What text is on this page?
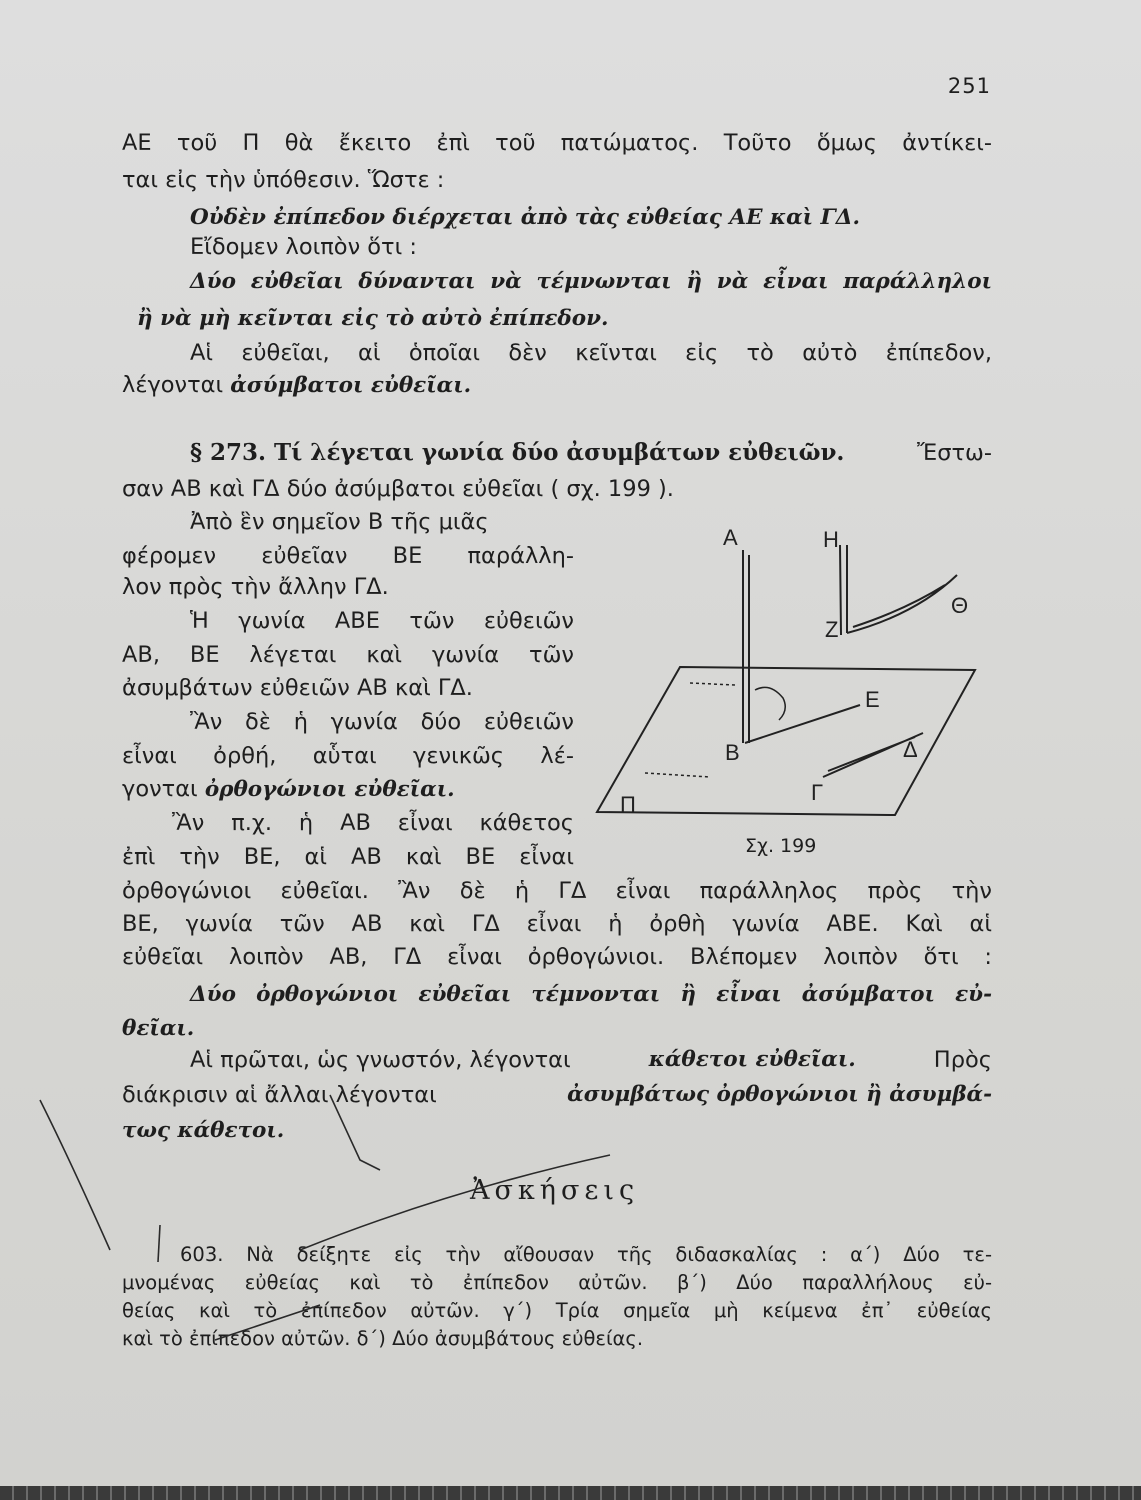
251
ΑΕ τοῦ Π θὰ ἔκειτο ἐπὶ τοῦ πατώματος. Τοῦτο ὅμως ἀντίκει-
ται εἰς τὴν ὑπόθεσιν. Ὥστε :
Οὐδὲν ἐπίπεδον διέρχεται ἀπὸ τὰς εὐθείας ΑΕ καὶ ΓΔ.
Εἴδομεν λοιπὸν ὅτι :
Δύο εὐθεῖαι δύνανται νὰ τέμνωνται ἢ νὰ εἶναι παράλληλοι
ἢ νὰ μὴ κεῖνται εἰς τὸ αὐτὸ ἐπίπεδον.
Αἱ εὐθεῖαι, αἱ ὁποῖαι δὲν κεῖνται εἰς τὸ αὐτὸ ἐπίπεδον,
λέγονται ἀσύμβατοι εὐθεῖαι.
§ 273. Τί λέγεται γωνία δύο ἀσυμβάτων εὐθειῶν.	Ἔστω-
σαν ΑΒ καὶ ΓΔ δύο ἀσύμβατοι εὐθεῖαι ( σχ. 199 ).
Ἀπὸ ἓν σημεῖον Β τῆς μιᾶς
φέρομεν εὐθεῖαν ΒΕ παράλλη-
λον πρὸς τὴν ἄλλην ΓΔ.
Ἡ γωνία ΑΒΕ τῶν εὐθειῶν
ΑΒ, ΒΕ λέγεται καὶ γωνία τῶν
ἀσυμβάτων εὐθειῶν ΑΒ καὶ ΓΔ.
Ἂν δὲ ἡ γωνία δύο εὐθειῶν
εἶναι ὀρθή, αὗται γενικῶς λέ-
γονται ὀρθογώνιοι εὐθεῖαι.
Ἂν π.χ. ἡ ΑΒ εἶναι κάθετος
ἐπὶ τὴν ΒΕ, αἱ ΑΒ καὶ ΒΕ εἶναι
ὀρθογώνιοι εὐθεῖαι. Ἂν δὲ ἡ ΓΔ εἶναι παράλληλος πρὸς τὴν
ΒΕ, γωνία τῶν ΑΒ καὶ ΓΔ εἶναι ἡ ὀρθὴ γωνία ΑΒΕ. Καὶ αἱ
εὐθεῖαι λοιπὸν ΑΒ, ΓΔ εἶναι ὀρθογώνιοι. Βλέπομεν λοιπὸν ὅτι :
Δύο ὀρθογώνιοι εὐθεῖαι τέμνονται ἢ εἶναι ἀσύμβατοι εὐ-
θεῖαι.
Αἱ πρῶται, ὡς γνωστόν, λέγονται	κάθετοι εὐθεῖαι.	Πρὸς
διάκρισιν αἱ ἄλλαι λέγονται	ἀσυμβάτως ὀρθογώνιοι ἢ ἀσυμβά-
τως κάθετοι.
Ἀσκήσεις
603. Νὰ δείξητε εἰς τὴν αἴθουσαν τῆς διδασκαλίας : α΄) Δύο τε-
μνομένας εὐθείας καὶ τὸ ἐπίπεδον αὐτῶν. β΄) Δύο παραλλήλους εὐ-
θείας καὶ τὸ ἐπίπεδον αὐτῶν. γ΄) Τρία σημεῖα μὴ κείμενα ἐπ᾽ εὐθείας
καὶ τὸ ἐπίπεδον αὐτῶν. δ΄) Δύο ἀσυμβάτους εὐθείας.
Α	Η
Θ
Ζ
Ε
Β	Δ
Γ
Π
Σχ. 199
